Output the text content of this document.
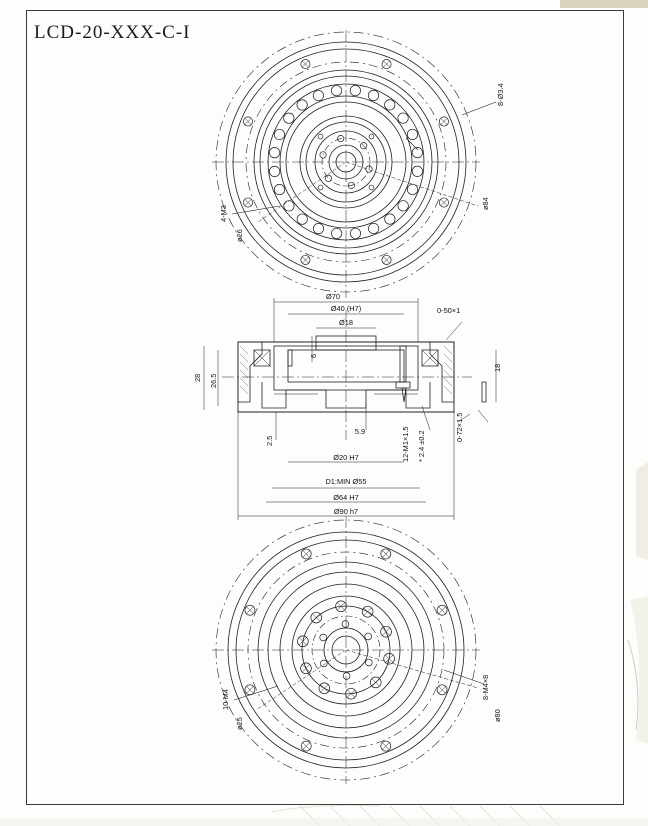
LCD-20-XXX-C-I
8-Ø3.4
4-M3
ø84
ø26
Ø70
Ø40 (H7)
Ø18
0-50×1
6
18
28 26.5
2.5
5.9
Ø20 H7	* 2.4 ±0.2
12-M1×1.5	0-72×1.5
D1:MIN Ø55
Ø64 H7
Ø90 h7
10-M4
ø25
8-M4×8
ø80
